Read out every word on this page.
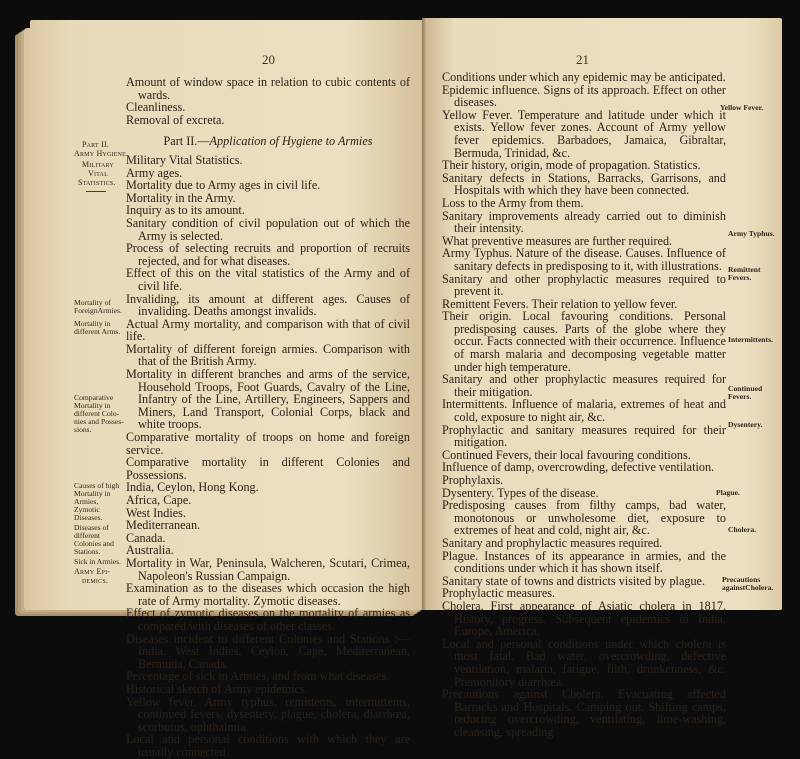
20

Amount of window space in relation to cubic contents of wards.

Cleanliness.

Removal of excreta.

Part II.—Application of Hygiene to Armies

Military Vital Statistics.

Army ages.

Mortality due to Army ages in civil life.

Mortality in the Army.

Inquiry as to its amount.

Sanitary condition of civil population out of which the Army is selected.

Process of selecting recruits and proportion of recruits rejected, and for what diseases.

Effect of this on the vital statistics of the Army and of civil life.

Invaliding, its amount at different ages. Causes of invaliding. Deaths amongst invalids.

Actual Army mortality, and comparison with that of civil life.

Mortality of different foreign armies. Comparison with that of the British Army.

Mortality in different branches and arms of the service, Household Troops, Foot Guards, Cavalry of the Line, Infantry of the Line, Artillery, Engineers, Sappers and Miners, Land Transport, Colonial Corps, black and white troops.

Comparative mortality of troops on home and foreign service.

Comparative mortality in different Colonies and Possessions.

India, Ceylon, Hong Kong.

Africa, Cape.

West Indies.

Mediterranean.

Canada.

Australia.

Mortality in War, Peninsula, Walcheren, Scutari, Crimea, Napoleon's Russian Campaign.

Examination as to the diseases which occasion the high rate of Army mortality. Zymotic diseases.

Effect of zymotic diseases on the mortality of armies as compared with diseases of other classes.

Diseases incident to different Colonies and Stations :—India, West Indies, Ceylon, Cape, Mediterranean, Bermuda, Canada.

Percentage of sick in Armies, and from what diseases.

Historical sketch of Army epidemics.

Yellow fever, Army typhus, remittents, intermittents, continued fevers, dysentery, plague, cholera, diarrhœa, scorbutus, ophthalmia.

Local and personal conditions with which they are usually connected.

Part II.
Army Hygiene.
Military
Vital
Statistics.
Mortality of
ForeignArmies.
Mortality in
different Arms.
Comparative
Mortality in
different Colo-
nies and Posses-
sions.
Causes of high
Mortality in
Armies,
Zymotic
Diseases.
Diseases of
different
Colonies and
Stations.
Sick in Armies.
Army Epi-
demics.
21

Conditions under which any epidemic may be anticipated.

Epidemic influence. Signs of its approach. Effect on other diseases.

Yellow Fever. Temperature and latitude under which it exists. Yellow fever zones. Account of Army yellow fever epidemics. Barbadoes, Jamaica, Gibraltar, Bermuda, Trinidad, &c.

Their history, origin, mode of propagation. Statistics.

Sanitary defects in Stations, Barracks, Garrisons, and Hospitals with which they have been connected.

Loss to the Army from them.

Sanitary improvements already carried out to diminish their intensity.

What preventive measures are further required.

Army Typhus. Nature of the disease. Causes. Influence of sanitary defects in predisposing to it, with illustrations.

Sanitary and other prophylactic measures required to prevent it.

Remittent Fevers. Their relation to yellow fever.

Their origin. Local favouring conditions. Personal predisposing causes. Parts of the globe where they occur. Facts connected with their occurrence. Influence of marsh malaria and decomposing vegetable matter under high temperature.

Sanitary and other prophylactic measures required for their mitigation.

Intermittents. Influence of malaria, extremes of heat and cold, exposure to night air, &c.

Prophylactic and sanitary measures required for their mitigation.

Continued Fevers, their local favouring conditions.

Influence of damp, overcrowding, defective ventilation.

Prophylaxis.

Dysentery. Types of the disease.

Predisposing causes from filthy camps, bad water, monotonous or unwholesome diet, exposure to extremes of heat and cold, night air, &c.

Sanitary and prophylactic measures required.

Plague. Instances of its appearance in armies, and the conditions under which it has shown itself.

Sanitary state of towns and districts visited by plague.

Prophylactic measures.

Cholera. First appearance of Asiatic cholera in 1817. History, progress. Subsequent epidemics in India, Europe, America.

Local and personal conditions under which cholera is most fatal. Bad water, overcrowding, defective ventilation, malaria, fatigue, filth, drunkenness, &c. Premonitory diarrhœa.

Precautions against Cholera. Evacuating affected Barracks and Hospitals. Camping out. Shifting camps, reducing overcrowding, ventilating, lime-washing, cleansing, spreading

Yellow Fever.
Army Typhus.
Remittent
Fevers.
Intermittents.
Continued
Fevers.
Dysentery.
Plague.
Cholera.
Precautions
againstCholera.
